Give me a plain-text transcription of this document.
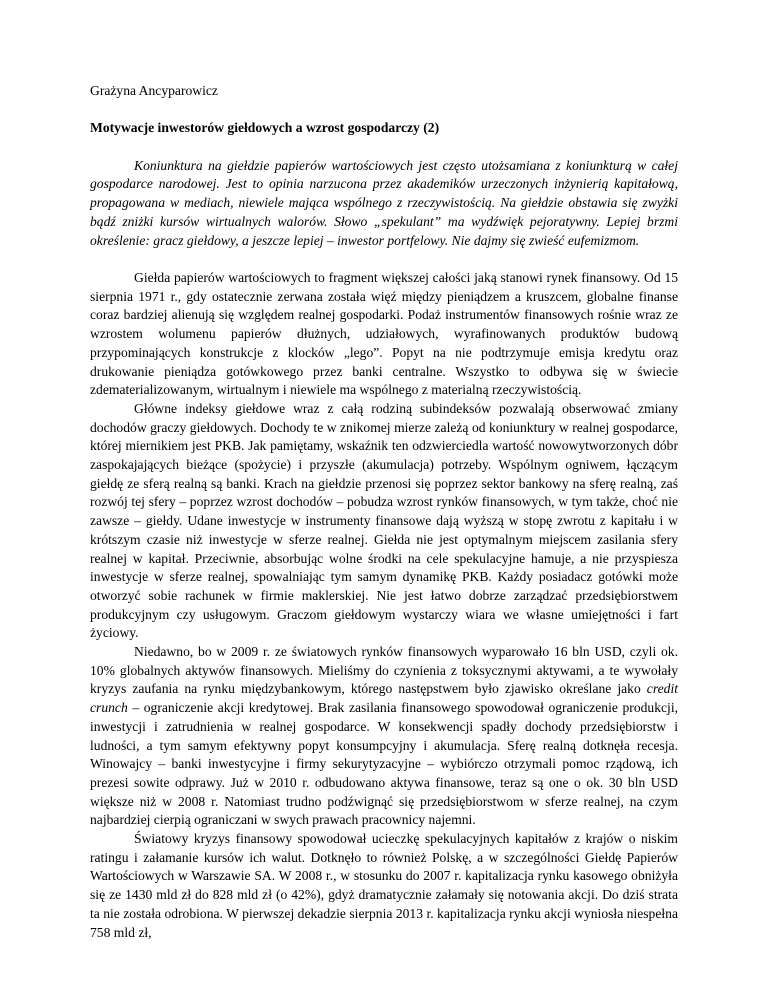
Grażyna Ancyparowicz

Motywacje inwestorów giełdowych a wzrost gospodarczy (2)

Koniunktura na giełdzie papierów wartościowych jest często utożsamiana z koniunkturą w całej gospodarce narodowej. Jest to opinia narzucona przez akademików urzeczonych inżynierią kapitałową, propagowana w mediach, niewiele mająca wspólnego z rzeczywistością. Na giełdzie obstawia się zwyżki bądź zniżki kursów wirtualnych walorów. Słowo „spekulant” ma wydźwięk pejoratywny. Lepiej brzmi określenie: gracz giełdowy, a jeszcze lepiej – inwestor portfelowy. Nie dajmy się zwieść eufemizmom.

Giełda papierów wartościowych to fragment większej całości jaką stanowi rynek finansowy. Od 15 sierpnia 1971 r., gdy ostatecznie zerwana została więź między pieniądzem a kruszcem, globalne finanse coraz bardziej alienują się względem realnej gospodarki. Podaż instrumentów finansowych rośnie wraz ze wzrostem wolumenu papierów dłużnych, udziałowych, wyrafinowanych produktów budową przypominających konstrukcje z klocków „lego”. Popyt na nie podtrzymuje emisja kredytu oraz drukowanie pieniądza gotówkowego przez banki centralne. Wszystko to odbywa się w świecie zdematerializowanym, wirtualnym i niewiele ma wspólnego z materialną rzeczywistością.

Główne indeksy giełdowe wraz z całą rodziną subindeksów pozwalają obserwować zmiany dochodów graczy giełdowych. Dochody te w znikomej mierze zależą od koniunktury w realnej gospodarce, której miernikiem jest PKB. Jak pamiętamy, wskaźnik ten odzwierciedla wartość nowowytworzonych dóbr zaspokajających bieżące (spożycie) i przyszłe (akumulacja) potrzeby. Wspólnym ogniwem, łączącym giełdę ze sferą realną są banki. Krach na giełdzie przenosi się poprzez sektor bankowy na sferę realną, zaś rozwój tej sfery – poprzez wzrost dochodów – pobudza wzrost rynków finansowych, w tym także, choć nie zawsze – giełdy. Udane inwestycje w instrumenty finansowe dają wyższą w stopę zwrotu z kapitału i w krótszym czasie niż inwestycje w sferze realnej. Giełda nie jest optymalnym miejscem zasilania sfery realnej w kapitał. Przeciwnie, absorbując wolne środki na cele spekulacyjne hamuje, a nie przyspiesza inwestycje w sferze realnej, spowalniając tym samym dynamikę PKB. Każdy posiadacz gotówki może otworzyć sobie rachunek w firmie maklerskiej. Nie jest łatwo dobrze zarządzać przedsiębiorstwem produkcyjnym czy usługowym. Graczom giełdowym wystarczy wiara we własne umiejętności i fart życiowy.

Niedawno, bo w 2009 r. ze światowych rynków finansowych wyparowało 16 bln USD, czyli ok. 10% globalnych aktywów finansowych. Mieliśmy do czynienia z toksycznymi aktywami, a te wywołały kryzys zaufania na rynku międzybankowym, którego następstwem było zjawisko określane jako credit crunch – ograniczenie akcji kredytowej. Brak zasilania finansowego spowodował ograniczenie produkcji, inwestycji i zatrudnienia w realnej gospodarce. W konsekwencji spadły dochody przedsiębiorstw i ludności, a tym samym efektywny popyt konsumpcyjny i akumulacja. Sferę realną dotknęła recesja. Winowajcy – banki inwestycyjne i firmy sekurytyzacyjne – wybiórczo otrzymali pomoc rządową, ich prezesi sowite odprawy. Już w 2010 r. odbudowano aktywa finansowe, teraz są one o ok. 30 bln USD większe niż w 2008 r. Natomiast trudno podźwignąć się przedsiębiorstwom w sferze realnej, na czym najbardziej cierpią ograniczani w swych prawach pracownicy najemni.

Światowy kryzys finansowy spowodował ucieczkę spekulacyjnych kapitałów z krajów o niskim ratingu i załamanie kursów ich walut. Dotknęło to również Polskę, a w szczególności Giełdę Papierów Wartościowych w Warszawie SA. W 2008 r., w stosunku do 2007 r. kapitalizacja rynku kasowego obniżyła się ze 1430 mld zł do 828 mld zł (o 42%), gdyż dramatycznie załamały się notowania akcji. Do dziś strata ta nie została odrobiona. W pierwszej dekadzie sierpnia 2013 r. kapitalizacja rynku akcji wyniosła niespełna 758 mld zł,
